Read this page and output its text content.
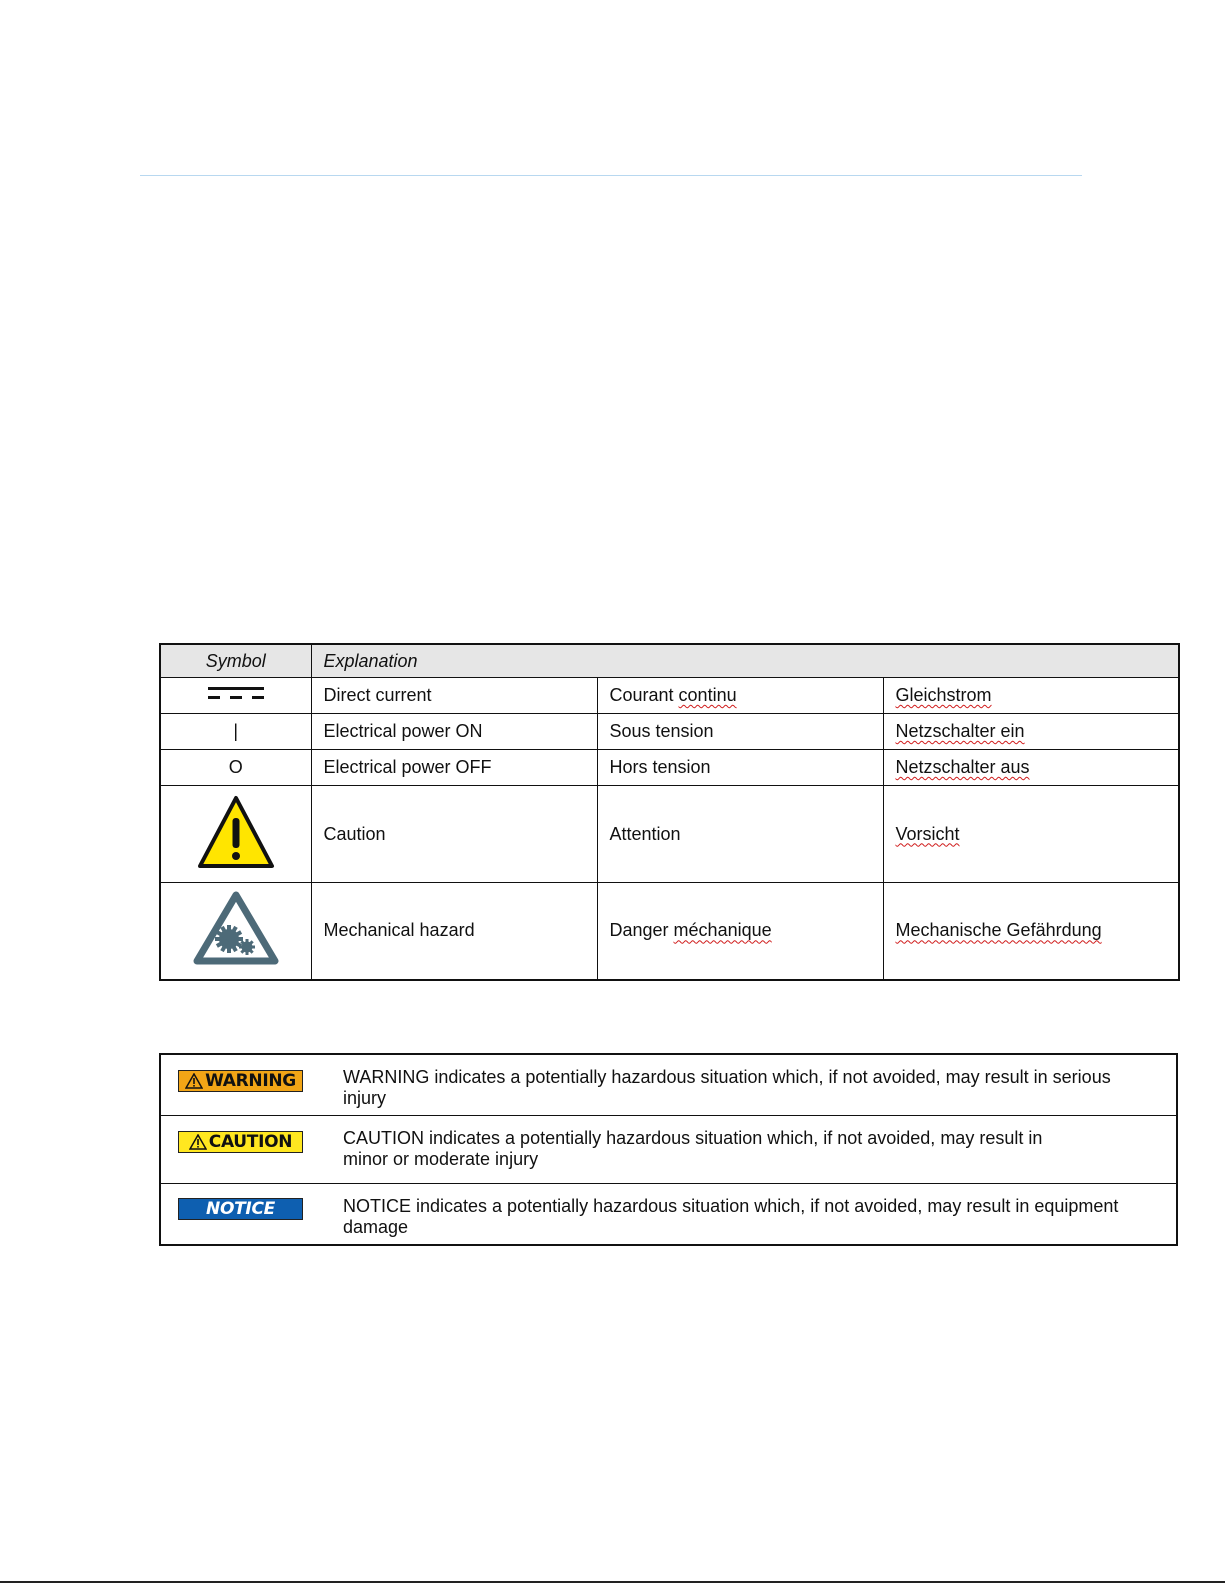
Symbol	Explanation		
	Direct current	Courant continu	Gleichstrom
|	Electrical power ON	Sous tension	Netzschalter ein
O	Electrical power OFF	Hors tension	Netzschalter aus
	Caution	Attention	Vorsicht
	Mechanical hazard	Danger méchanique	Mechanische Gefährdung
WARNING	WARNING indicates a potentially hazardous situation which, if not avoided, may result in serious
injury

CAUTION	CAUTION indicates a potentially hazardous situation which, if not avoided, may result in
minor or moderate injury

NOTICE	NOTICE indicates a potentially hazardous situation which, if not avoided, may result in equipment
damage
